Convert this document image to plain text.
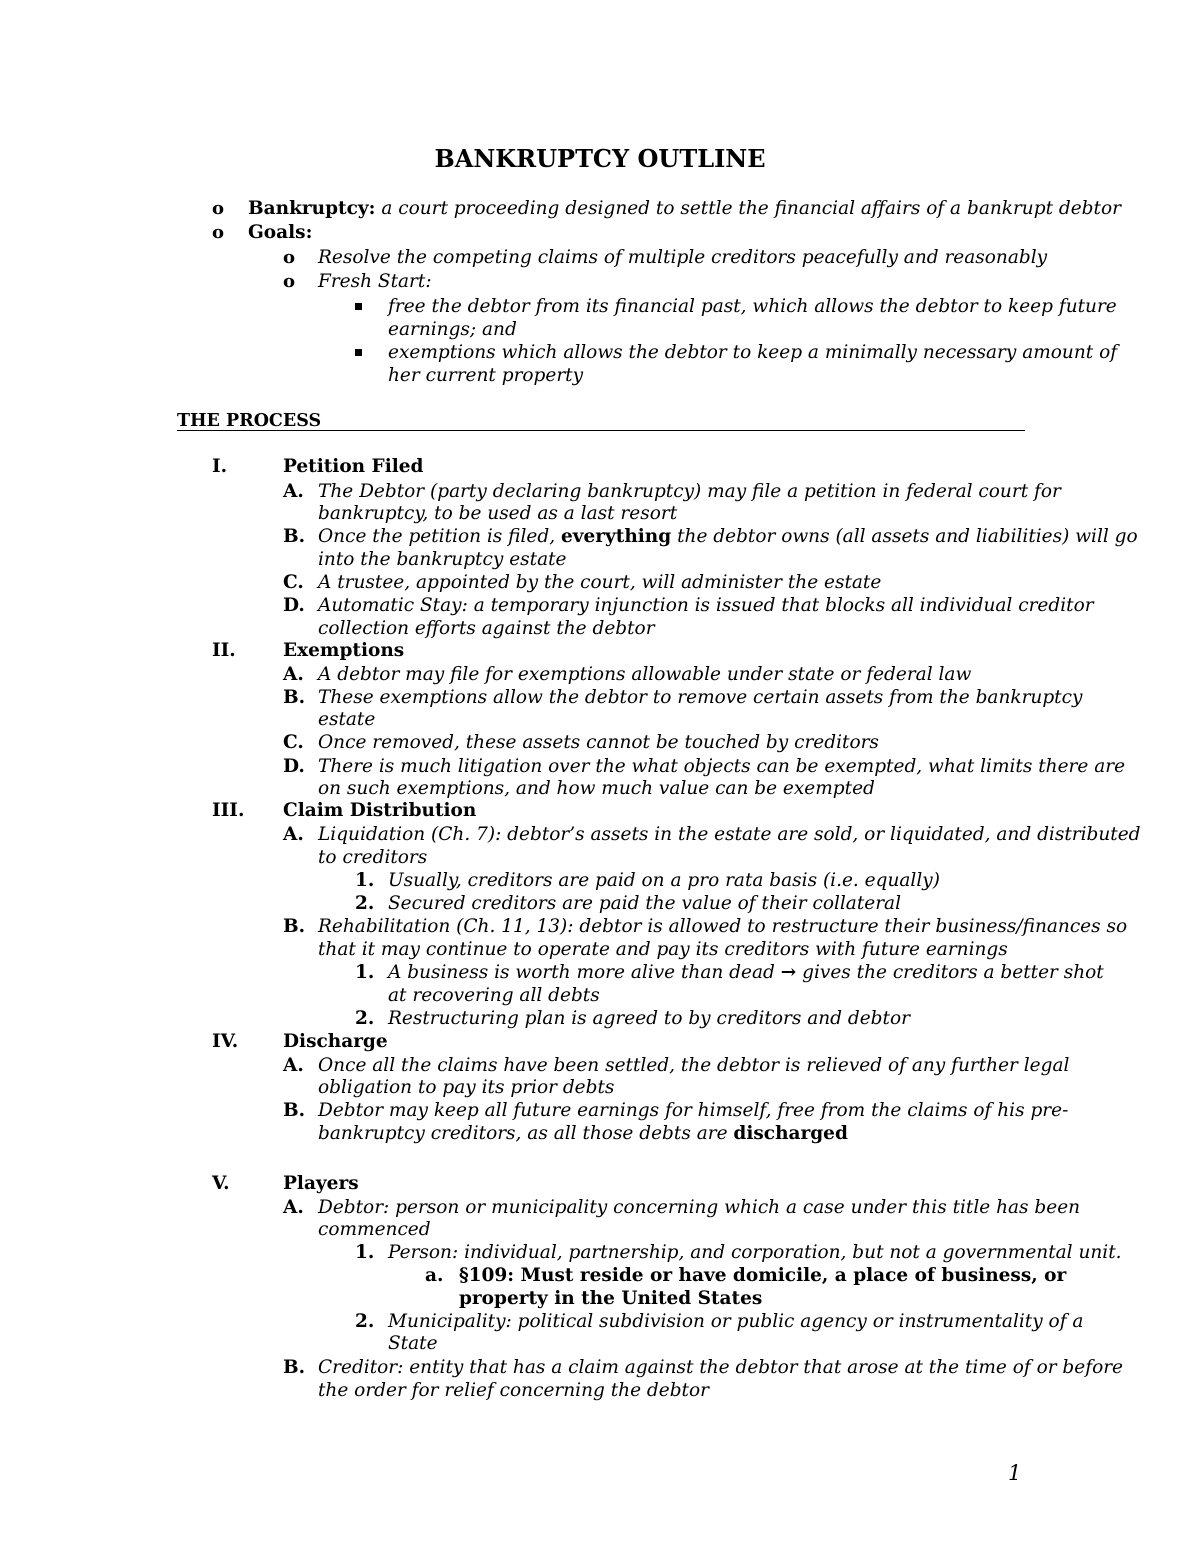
BANKRUPTCY OUTLINE
o Bankruptcy: a court proceeding designed to settle the financial affairs of a bankrupt debtor
o Goals:
o Resolve the competing claims of multiple creditors peacefully and reasonably
o Fresh Start:
free the debtor from its financial past, which allows the debtor to keep future
earnings; and
exemptions which allows the debtor to keep a minimally necessary amount of
her current property
THE PROCESS
I.	Petition Filed
A. The Debtor (party declaring bankruptcy) may file a petition in federal court for
bankruptcy, to be used as a last resort
B. Once the petition is filed, everything the debtor owns (all assets and liabilities) will go
into the bankruptcy estate
C. A trustee, appointed by the court, will administer the estate
D. Automatic Stay: a temporary injunction is issued that blocks all individual creditor
collection efforts against the debtor
II.	Exemptions
A. A debtor may file for exemptions allowable under state or federal law
B. These exemptions allow the debtor to remove certain assets from the bankruptcy
estate
C. Once removed, these assets cannot be touched by creditors
D. There is much litigation over the what objects can be exempted, what limits there are
on such exemptions, and how much value can be exempted
III. Claim Distribution
A. Liquidation (Ch. 7): debtor’s assets in the estate are sold, or liquidated, and distributed
to creditors
1. Usually, creditors are paid on a pro rata basis (i.e. equally)
2. Secured creditors are paid the value of their collateral
B. Rehabilitation (Ch. 11, 13): debtor is allowed to restructure their business/finances so
that it may continue to operate and pay its creditors with future earnings
1. A business is worth more alive than dead → gives the creditors a better shot
at recovering all debts
2. Restructuring plan is agreed to by creditors and debtor
IV. Discharge
A. Once all the claims have been settled, the debtor is relieved of any further legal
obligation to pay its prior debts
B. Debtor may keep all future earnings for himself, free from the claims of his pre-
bankruptcy creditors, as all those debts are discharged
V.	Players
A. Debtor: person or municipality concerning which a case under this title has been
commenced
1. Person: individual, partnership, and corporation, but not a governmental unit.
a. §109: Must reside or have domicile, a place of business, or
property in the United States
2. Municipality: political subdivision or public agency or instrumentality of a
State
B. Creditor: entity that has a claim against the debtor that arose at the time of or before
the order for relief concerning the debtor
1
